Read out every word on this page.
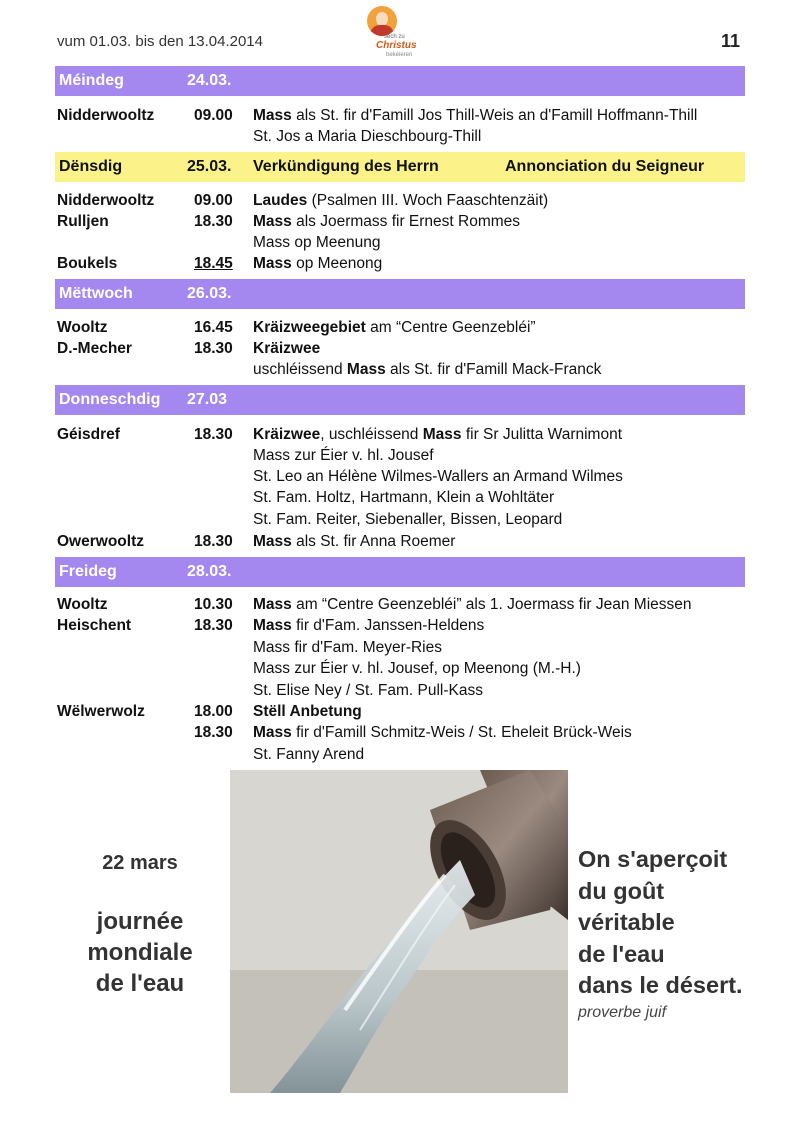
vum 01.03. bis den 13.04.2014	sech zu
Christus
bekéieren
11
Méindeg	24.03.
Nidderwooltz	09.00 Mass als St. fir d'Famill Jos Thill-Weis an d'Famill Hoffmann-Thill
St. Jos a Maria Dieschbourg-Thill
Dënsdig	25.03. Verkündigung des Herrn	Annonciation du Seigneur
Nidderwooltz	09.00 Laudes (Psalmen III. Woch Faaschtenzäit)
Rulljen	18.30 Mass als Joermass fir Ernest Rommes
Mass op Meenung
Boukels	18.45 Mass op Meenong
Mëttwoch	26.03.
Wooltz	16.45 Kräizweegebiet am “Centre Geenzebléi”
D.-Mecher	18.30 Kräizwee
uschléissend Mass als St. fir d'Famill Mack-Franck
Donneschdig 27.03
Géisdref	18.30 Kräizwee, uschléissend Mass fir Sr Julitta Warnimont
Mass zur Éier v. hl. Jousef
St. Leo an Hélène Wilmes-Wallers an Armand Wilmes
St. Fam. Holtz, Hartmann, Klein a Wohltäter
St. Fam. Reiter, Siebenaller, Bissen, Leopard
Owerwooltz	18.30 Mass als St. fir Anna Roemer
Freideg	28.03.
Wooltz	10.30 Mass am “Centre Geenzebléi” als 1. Joermass fir Jean Miessen
Heischent	18.30 Mass fir d'Fam. Janssen-Heldens
Mass fir d'Fam. Meyer-Ries
Mass zur Éier v. hl. Jousef, op Meenong (M.-H.)
St. Elise Ney / St. Fam. Pull-Kass
Wëlwerwolz	18.00 Stëll Anbetung
18.30 Mass fir d'Famill Schmitz-Weis / St. Eheleit Brück-Weis
St. Fanny Arend
22 mars
journée
mondiale
de l'eau
On s'aperçoit
du goût
véritable
de l'eau
dans le désert.
proverbe juif
